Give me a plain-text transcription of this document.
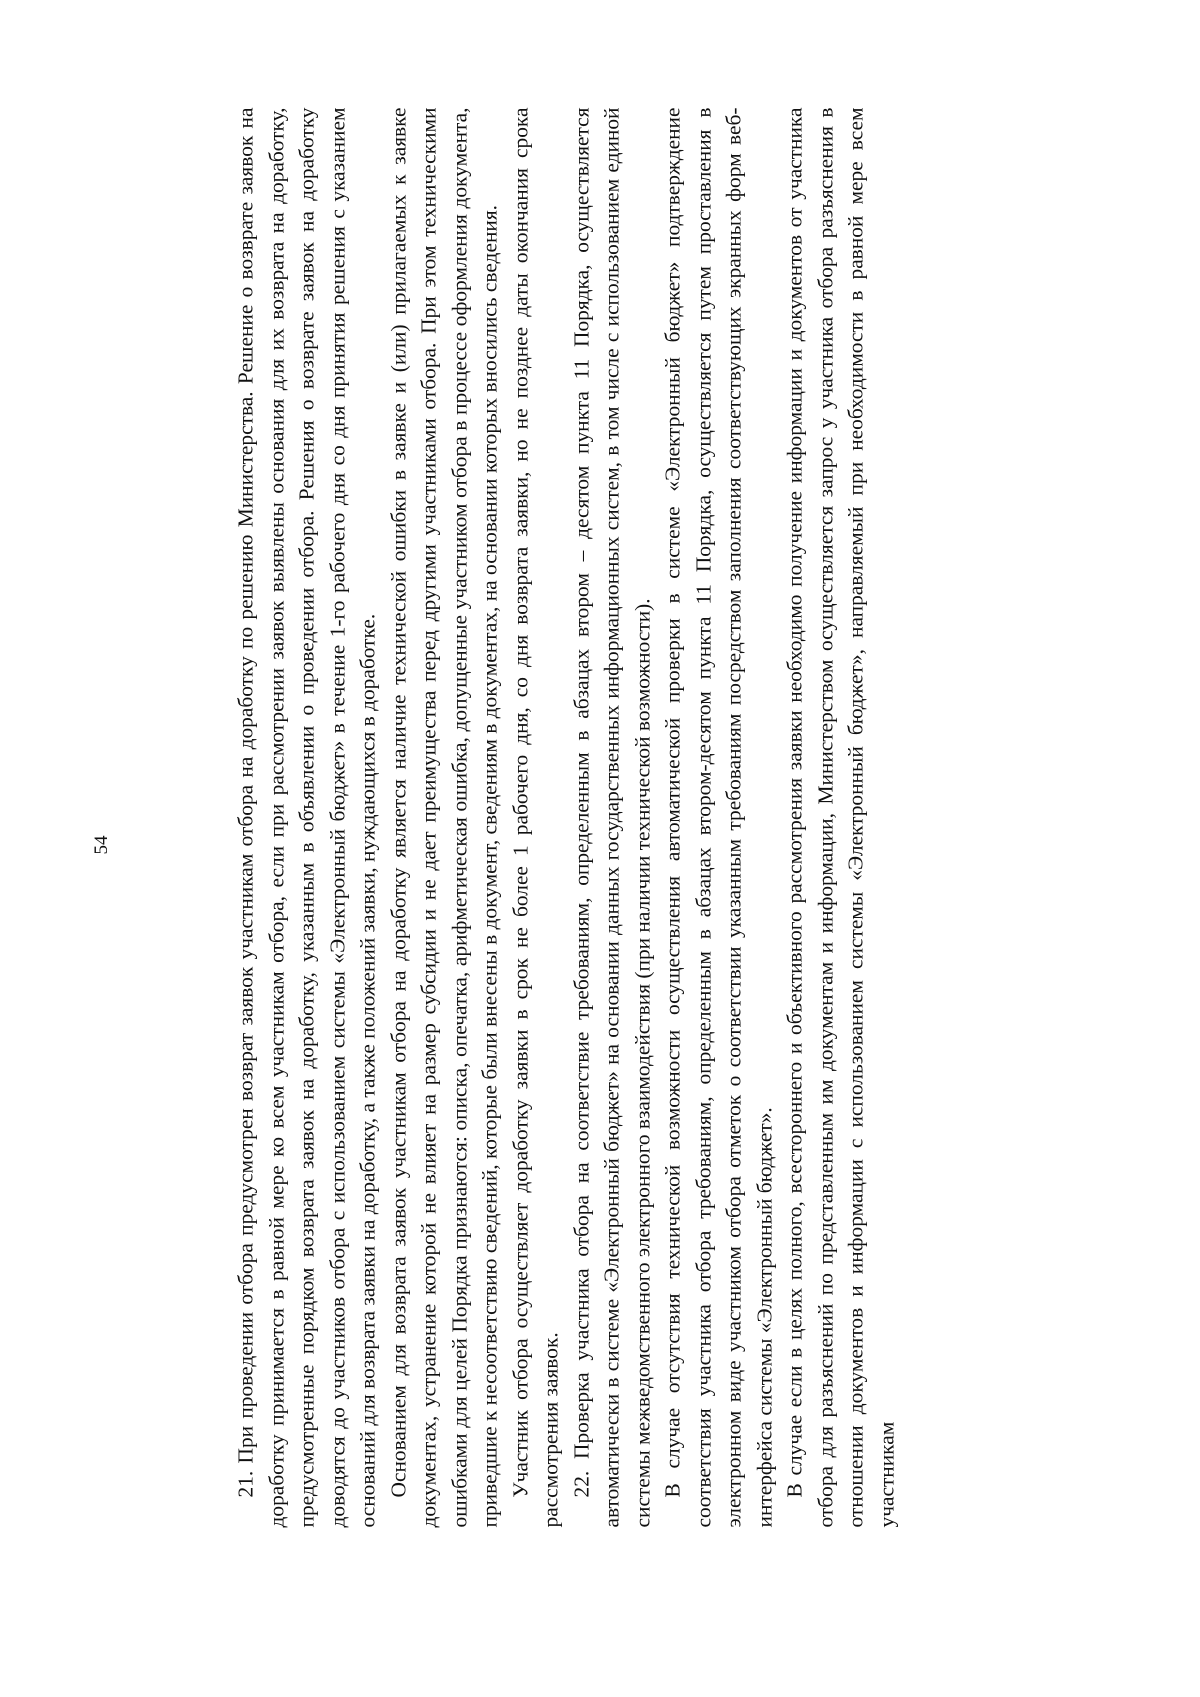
54	21. При проведении отбора предусмотрен возврат заявок участникам отбора на доработку по решению Министерства. Решение о возврате заявок на доработку принимается в равной мере ко всем участникам отбора, если при рассмотрении заявок выявлены основания для их возврата на доработку, предусмотренные порядком возврата заявок на доработку, указанным в объявлении о проведении отбора. Решения о возврате заявок на доработку доводятся до участников отбора с использованием системы «Электронный бюджет» в течение 1-го рабочего дня со дня принятия решения с указанием оснований для возврата заявки на доработку, а также положений заявки, нуждающихся в доработке. Основанием для возврата заявок участникам отбора на доработку является наличие технической ошибки в заявке и (или) прилагаемых к заявке документах, устранение которой не влияет на размер субсидии и не дает преимущества перед другими участниками отбора. При этом техническими ошибками для целей Порядка признаются: описка, опечатка, арифметическая ошибка, допущенные участником отбора в процессе оформления документа, приведшие к несоответствию сведений, которые были внесены в документ, сведениям в документах, на основании которых вносились сведения. Участник отбора осуществляет доработку заявки в срок не более 1 рабочего дня, со дня возврата заявки, но не позднее даты окончания срока рассмотрения заявок. 22. Проверка участника отбора на соответствие требованиям, определенным в абзацах втором – десятом пункта 11 Порядка, осуществляется автоматически в системе «Электронный бюджет» на основании данных государственных информационных систем, в том числе с использованием единой системы межведомственного электронного взаимодействия (при наличии технической возможности). В случае отсутствия технической возможности осуществления автоматической проверки в системе «Электронный бюджет» подтверждение соответствия участника отбора требованиям, определенным в абзацах втором-десятом пункта 11 Порядка, осуществляется путем проставления в электронном виде участником отбора отметок о соответствии указанным требованиям посредством заполнения соответствующих экранных форм веб-интерфейса системы «Электронный бюджет». В случае если в целях полного, всестороннего и объективного рассмотрения заявки необходимо получение информации и документов от участника отбора для разъяснений по представленным им документам и информации, Министерством осуществляется запрос у участника отбора разъяснения в отношении документов и информации с использованием системы «Электронный бюджет», направляемый при необходимости в равной мере всем участникам
